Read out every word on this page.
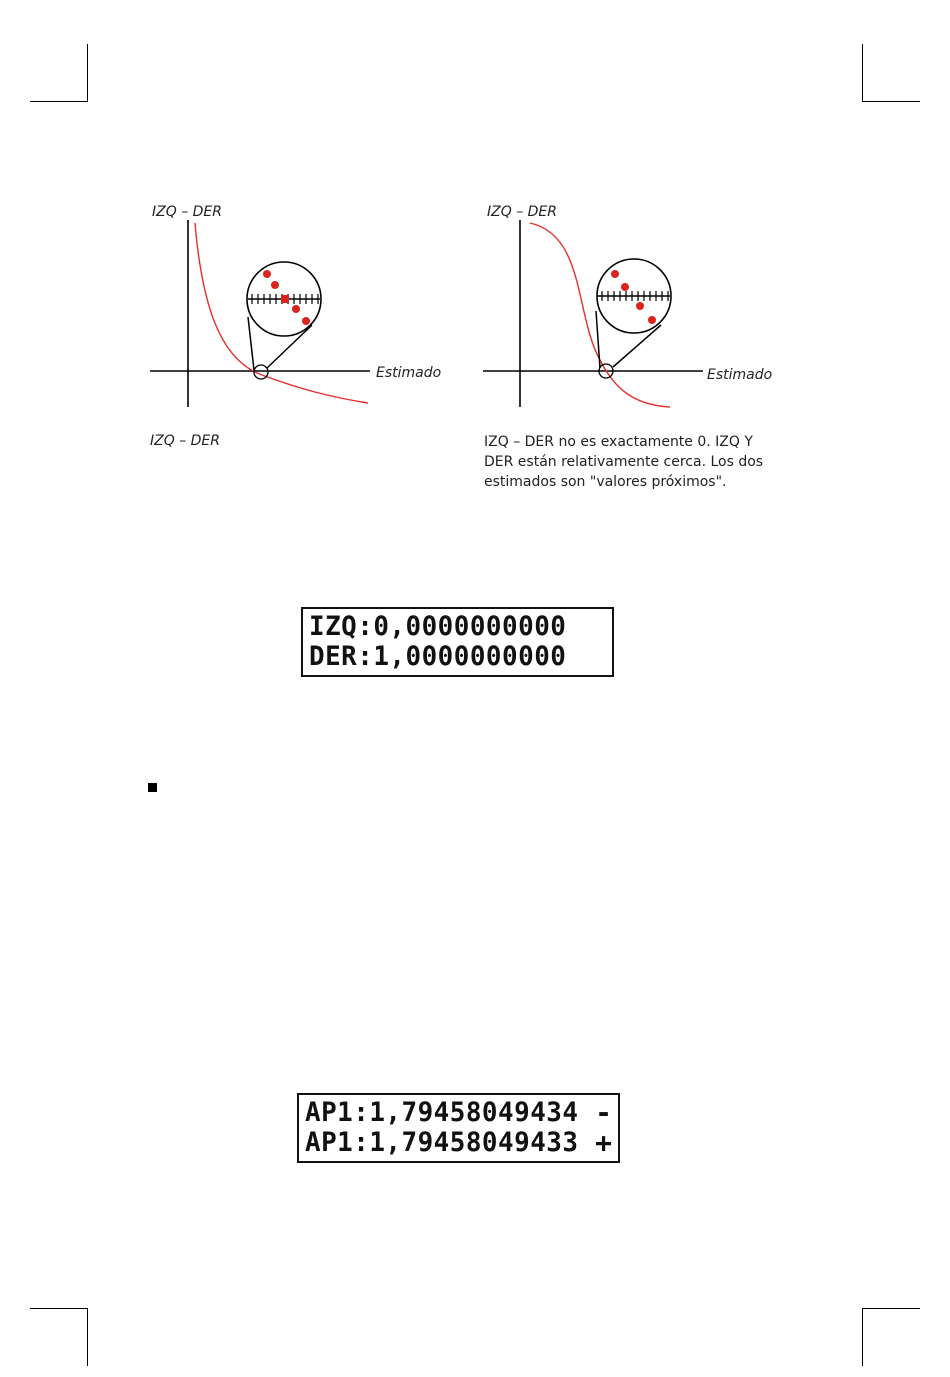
IZQ – DER
Estimado
IZQ – DER
IZQ – DER
Estimado
IZQ – DER no es exactamente 0. IZQ Y
DER están relativamente cerca. Los dos
estimados son "valores próximos".
IZQ:0,0000000000
DER:1,0000000000
AP1:1,79458049434 -
AP1:1,79458049433 +
